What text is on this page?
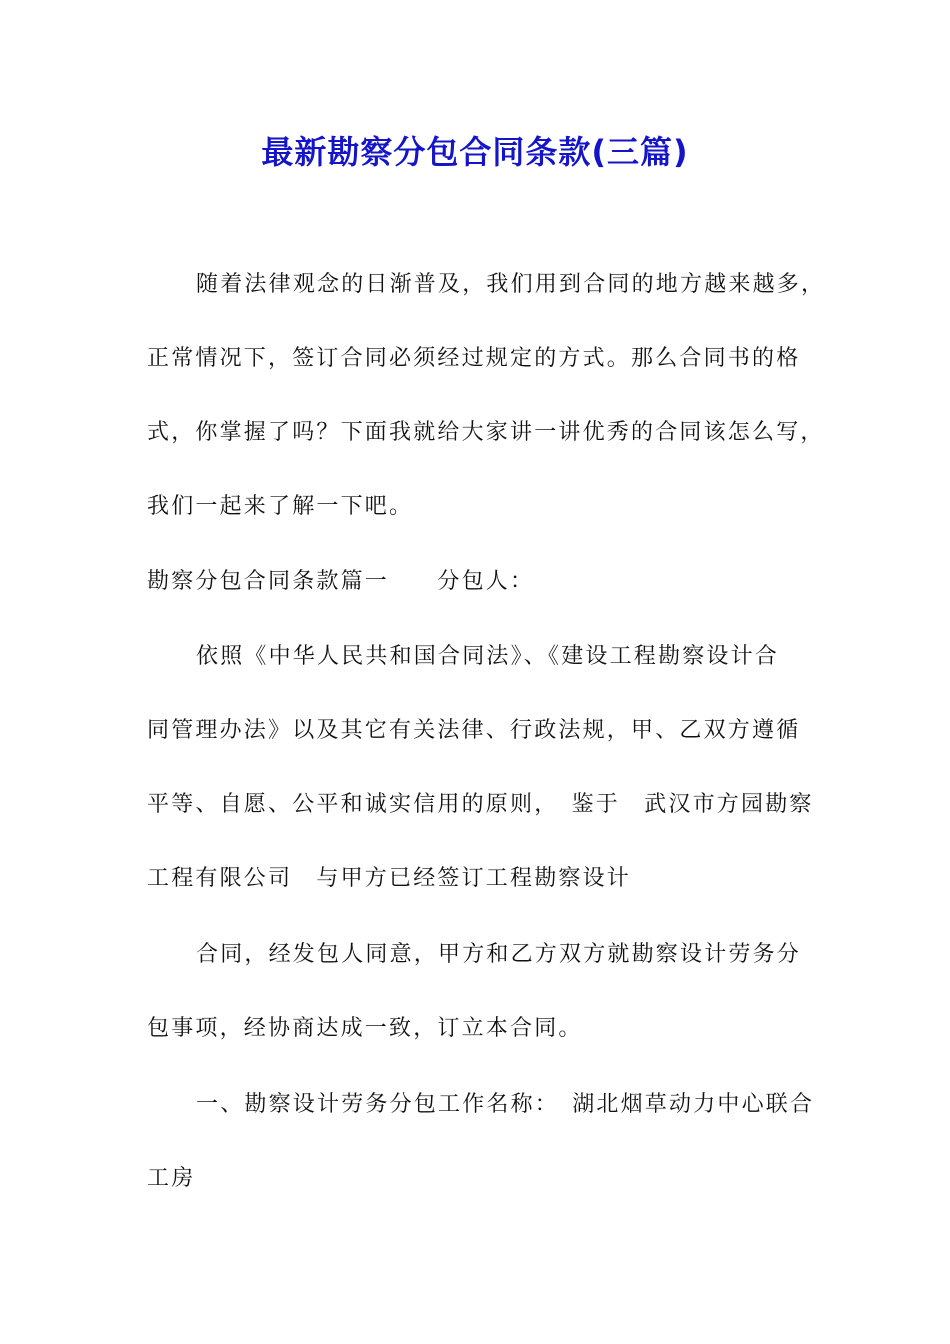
最新勘察分包合同条款(三篇)
随着法律观念的日渐普及，我们用到合同的地方越来越多，
正常情况下，签订合同必须经过规定的方式。那么合同书的格
式，你掌握了吗？下面我就给大家讲一讲优秀的合同该怎么写，
我们一起来了解一下吧。
勘察分包合同条款篇一　　分包人：
依照《中华人民共和国合同法》、《建设工程勘察设计合
同管理办法》以及其它有关法律、行政法规，甲、乙双方遵循
平等、自愿、公平和诚实信用的原则，　鉴于　武汉市方园勘察
工程有限公司　与甲方已经签订工程勘察设计
合同，经发包人同意，甲方和乙方双方就勘察设计劳务分
包事项，经协商达成一致，订立本合同。
一、勘察设计劳务分包工作名称：　湖北烟草动力中心联合
工房
